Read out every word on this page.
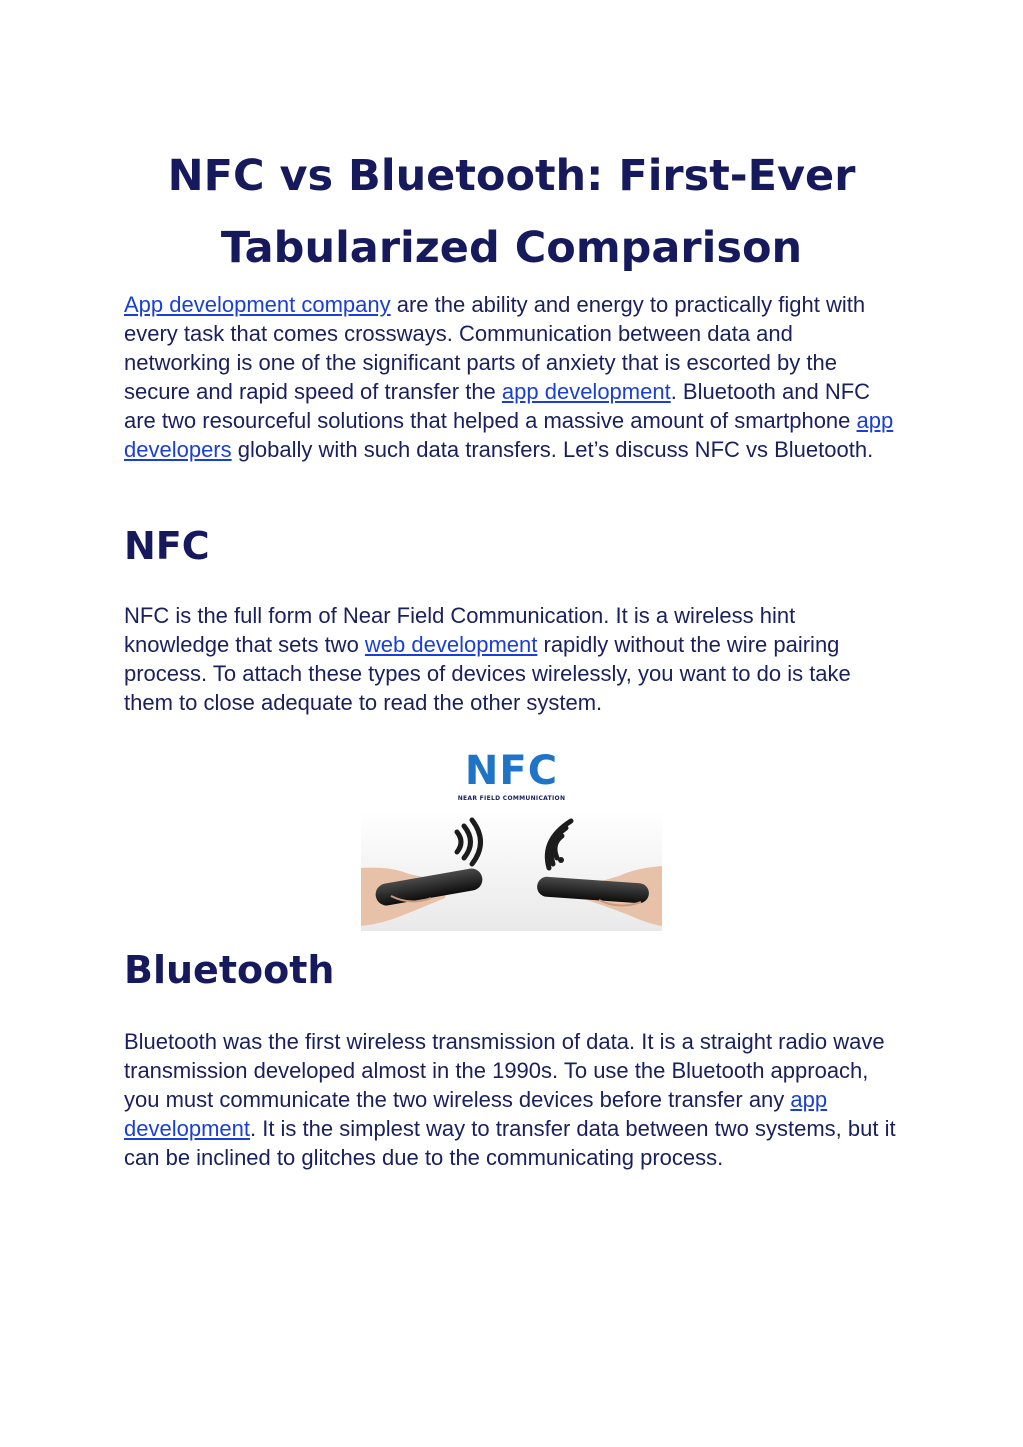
NFC vs Bluetooth: First-Ever
Tabularized Comparison

App development company are the ability and energy to practically fight with every task that comes crossways. Communication between data and networking is one of the significant parts of anxiety that is escorted by the secure and rapid speed of transfer the app development. Bluetooth and NFC are two resourceful solutions that helped a massive amount of smartphone app developers globally with such data transfers. Let’s discuss NFC vs Bluetooth.

NFC

NFC is the full form of Near Field Communication. It is a wireless hint knowledge that sets two web development rapidly without the wire pairing process. To attach these types of devices wirelessly, you want to do is take them to close adequate to read the other system.

Bluetooth

Bluetooth was the first wireless transmission of data. It is a straight radio wave transmission developed almost in the 1990s. To use the Bluetooth approach, you must communicate the two wireless devices before transfer any app development. It is the simplest way to transfer data between two systems, but it can be inclined to glitches due to the communicating process.

NFC
NEAR FIELD COMMUNICATION
